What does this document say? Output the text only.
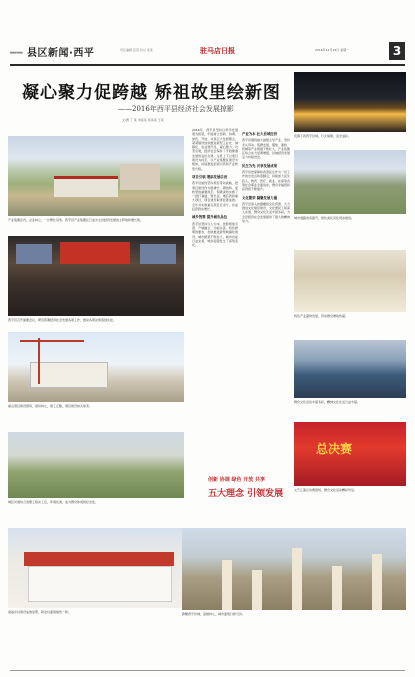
━━ 县区新闻·西平	责任编辑 张某 校对 某某	驻马店日报	2016年12月19日 星期一	3
凝心聚力促跨越 矫祖故里绘新图
——2016年西平县经济社会发展掠影
文/图 丁 某 刘某某 杨某某 王某
产业集聚区内，企业林立，一片繁忙景象。西平县产业集聚区已成为全县经济发展的主阵地和增长极。
西平县召开重要会议，研究部署经济社会发展各项工作，推动各项决策落到实处。
重点项目建设现场，塔吊林立，施工正酣，项目建设如火如荼。
城区河道综合治理工程完工后，环境优美，成为群众休闲的好去处。
美丽乡村建设成效显著，新农村面貌焕然一新。
2016年，西平县坚持以科学发展观为统领，牢固树立创新、协调、绿色、开放、共享五大发展理念，紧紧围绕加快推进新型工业化、城镇化、农业现代化，凝心聚力，攻坚克难，经济社会保持了平稳健康发展的良好态势。全县上下以项目建设为抓手，以产业集聚区建设为载体，持续推进招商引资和产业转型升级。
项目引领 增添发展后劲
西平县始终坚持项目带动战略，把项目建设作为稳增长、调结构、促转型的重要抓手，积极谋划实施了一批打基础、管长远、增后劲的重大项目，项目建设取得显著成效。全年共实施重点项目百余个，完成投资稳步增长。
城乡统筹 提升城市品位
西平县坚持以人为本，按照规划引领、产城融合、功能完善、特色鲜明的要求，加快推进新型城镇化建设，城市框架不断拉大，城市功能日益完善，城乡面貌发生了深刻变化。
产业为本 壮大县域经济
西平县围绕做大做强主导产业，坚持龙头带动、集群发展，服装、畜牧、机械等产业规模不断壮大，产业集聚区综合实力显著增强，县域经济发展活力持续迸发。
民生为先 共享发展成果
西平县把保障和改善民生作为一切工作的出发点和落脚点，持续加大民生投入，教育、医疗、就业、社保等各项社会事业全面进步，群众幸福感和获得感不断提升。
文化繁荣 凝聚发展力量
西平县深入挖掘嫘祖文化资源，大力推进文化强县建设，文化惠民工程深入实施，群众文化生活丰富多彩，为全县经济社会发展提供了强大的精神动力。
创新 协调 绿色 开放 共享
五大理念 引领发展
夜幕下的西平县城，灯火璀璨，流光溢彩。
城市道路改造提升，绿化美化亮化同步推进。
特色产业蓬勃发展，带动群众增收致富。
群众文化活动丰富多彩，精神文化生活日益丰富。
总决赛
文艺汇演总决赛现场，群众文化活动精彩纷呈。
俯瞰西平县城，高楼林立，城市面貌日新月异。
